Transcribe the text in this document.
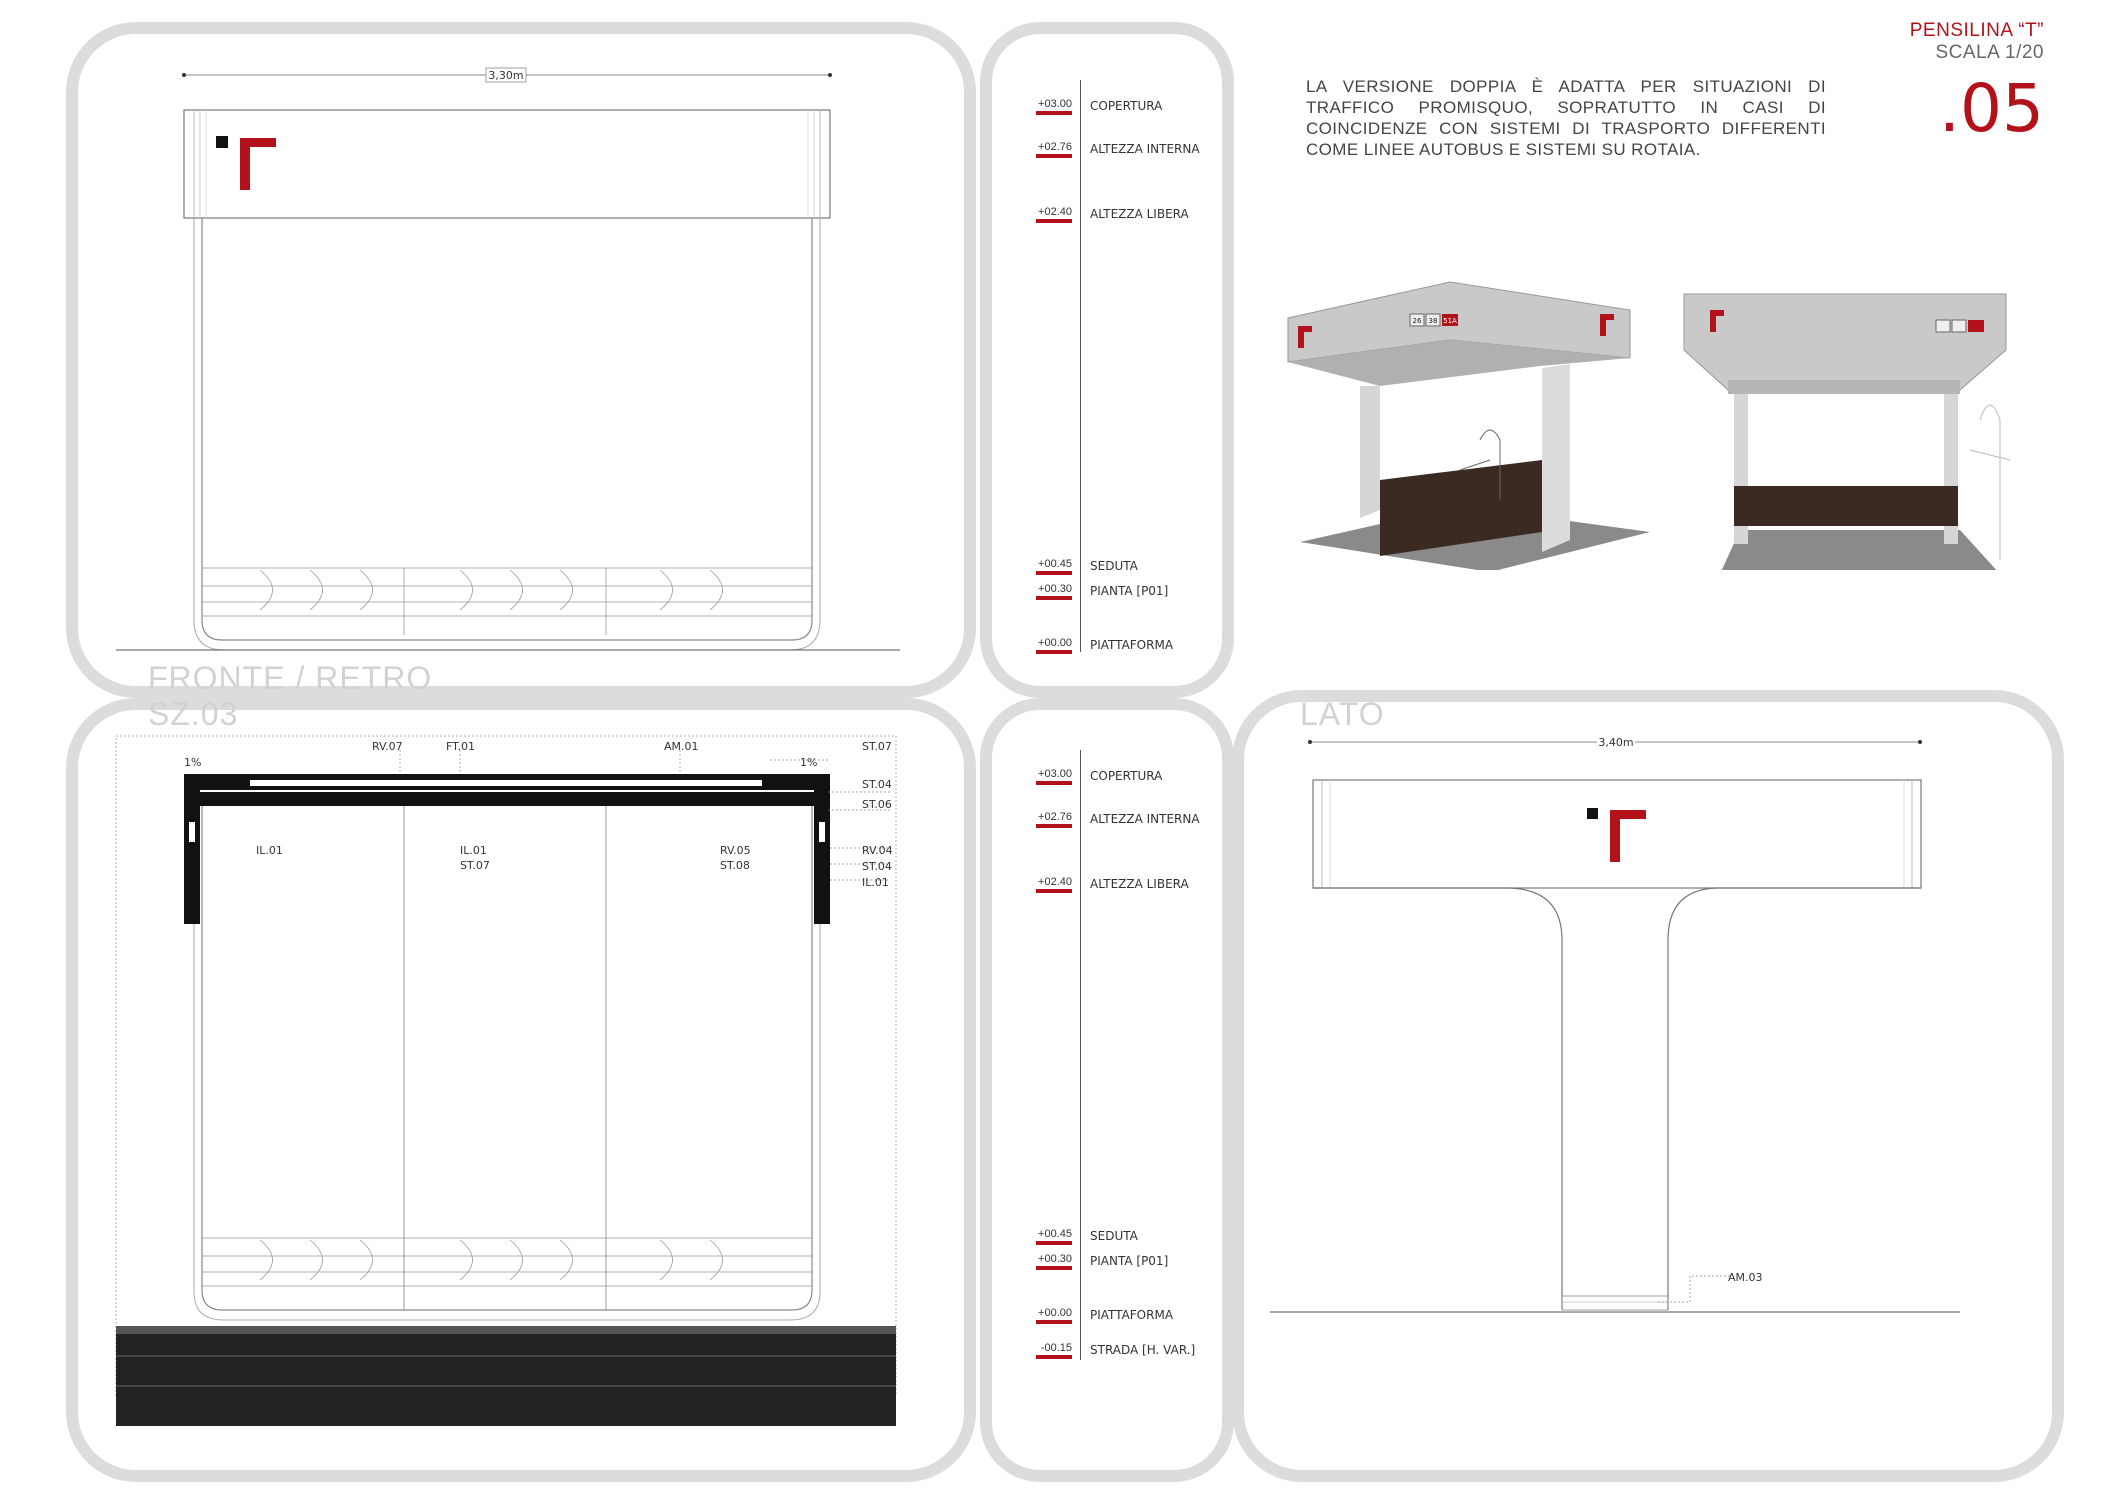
PENSILINA “T”
SCALA 1/20
.05
LA VERSIONE DOPPIA È ADATTA PER SITUAZIONI DI TRAFFICO PROMISQUO, SOPRATUTTO IN CASI DI COINCIDENZE CON SISTEMI DI TRASPORTO DIFFERENTI COME LINEE AUTOBUS E SISTEMI SU ROTAIA.
FRONTE / RETRO
SZ.03	LATO
3,30m
+03.00 COPERTURA
+02.76 ALTEZZA INTERNA
+02.40 ALTEZZA LIBERA
+00.45 SEDUTA
+00.30 PIANTA [P01]
+00.00 PIATTAFORMA
+03.00 COPERTURA
+02.76 ALTEZZA INTERNA
+02.40 ALTEZZA LIBERA
+00.45 SEDUTA
+00.30 PIANTA [P01]
+00.00 PIATTAFORMA
-00.15 STRADA [H. VAR.]
RV.07	FT.01	AM.01	ST.07
1%	1%
ST.04
ST.06
IL.01	IL.01
ST.07
RV.05
ST.08
RV.04
ST.04
IL.01
3,40m
AM.03
26 38 51A
